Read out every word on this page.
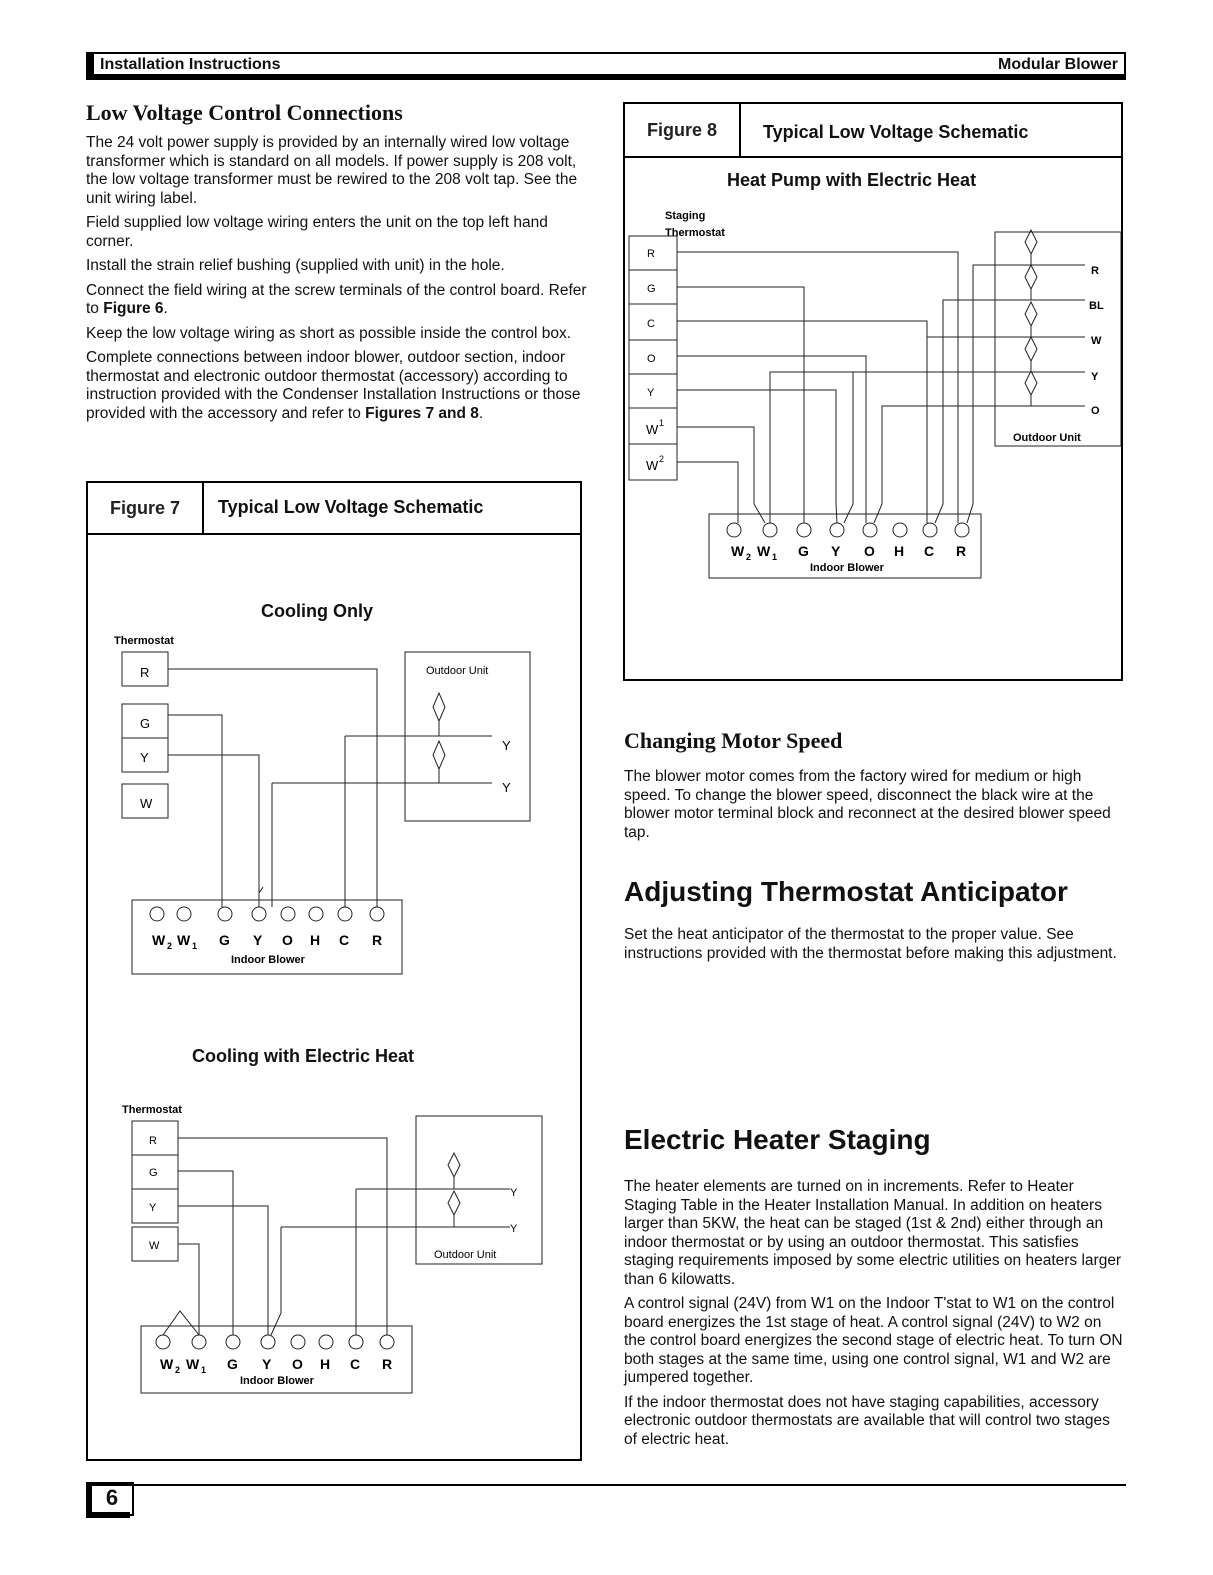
Installation Instructions	Modular Blower
Low Voltage Control Connections

The 24 volt power supply is provided by an internally wired low voltage transformer which is standard on all models. If power supply is 208 volt, the low voltage transformer must be rewired to the 208 volt tap. See the unit wiring label.

Field supplied low voltage wiring enters the unit on the top left hand corner.

Install the strain relief bushing (supplied with unit) in the hole.

Connect the field wiring at the screw terminals of the control board. Refer to Figure 6.

Keep the low voltage wiring as short as possible inside the control box.

Complete connections between indoor blower, outdoor section, indoor thermostat and electronic outdoor thermostat (accessory) according to instruction provided with the Condenser Installation Instructions or those provided with the accessory and refer to Figures 7 and 8.

Figure 7	Typical Low Voltage Schematic
Cooling Only
Cooling with Electric Heat
Thermostat
R
G
Y
W
Outdoor Unit
Y
Y
W 2 W 1 G Y O H C R
Indoor Blower
Thermostat
R
G
Y
W
Outdoor Unit
Y
Y
W 2 W 1 G Y O H C R
Indoor Blower
Figure 8	Typical Low Voltage Schematic
Heat Pump with Electric Heat
Staging
Thermostat
R
G
C
O
Y
W 1
W 2
R
BL
W
Y
O
Outdoor Unit
W 2 W 1 G Y O H C R
Indoor Blower
Changing Motor Speed

The blower motor comes from the factory wired for medium or high speed. To change the blower speed, disconnect the black wire at the blower motor terminal block and reconnect at the desired blower speed tap.

Adjusting Thermostat Anticipator

Set the heat anticipator of the thermostat to the proper value. See instructions provided with the thermostat before making this adjustment.

Electric Heater Staging

The heater elements are turned on in increments. Refer to Heater Staging Table in the Heater Installation Manual. In addition on heaters larger than 5KW, the heat can be staged (1st & 2nd) either through an indoor thermostat or by using an outdoor thermostat. This satisfies staging requirements imposed by some electric utilities on heaters larger than 6 kilowatts.

A control signal (24V) from W1 on the Indoor T'stat to W1 on the control board energizes the 1st stage of heat. A control signal (24V) to W2 on the control board energizes the second stage of electric heat. To turn ON both stages at the same time, using one control signal, W1 and W2 are jumpered together.

If the indoor thermostat does not have staging capabilities, accessory electronic outdoor thermostats are available that will control two stages of electric heat.

6
